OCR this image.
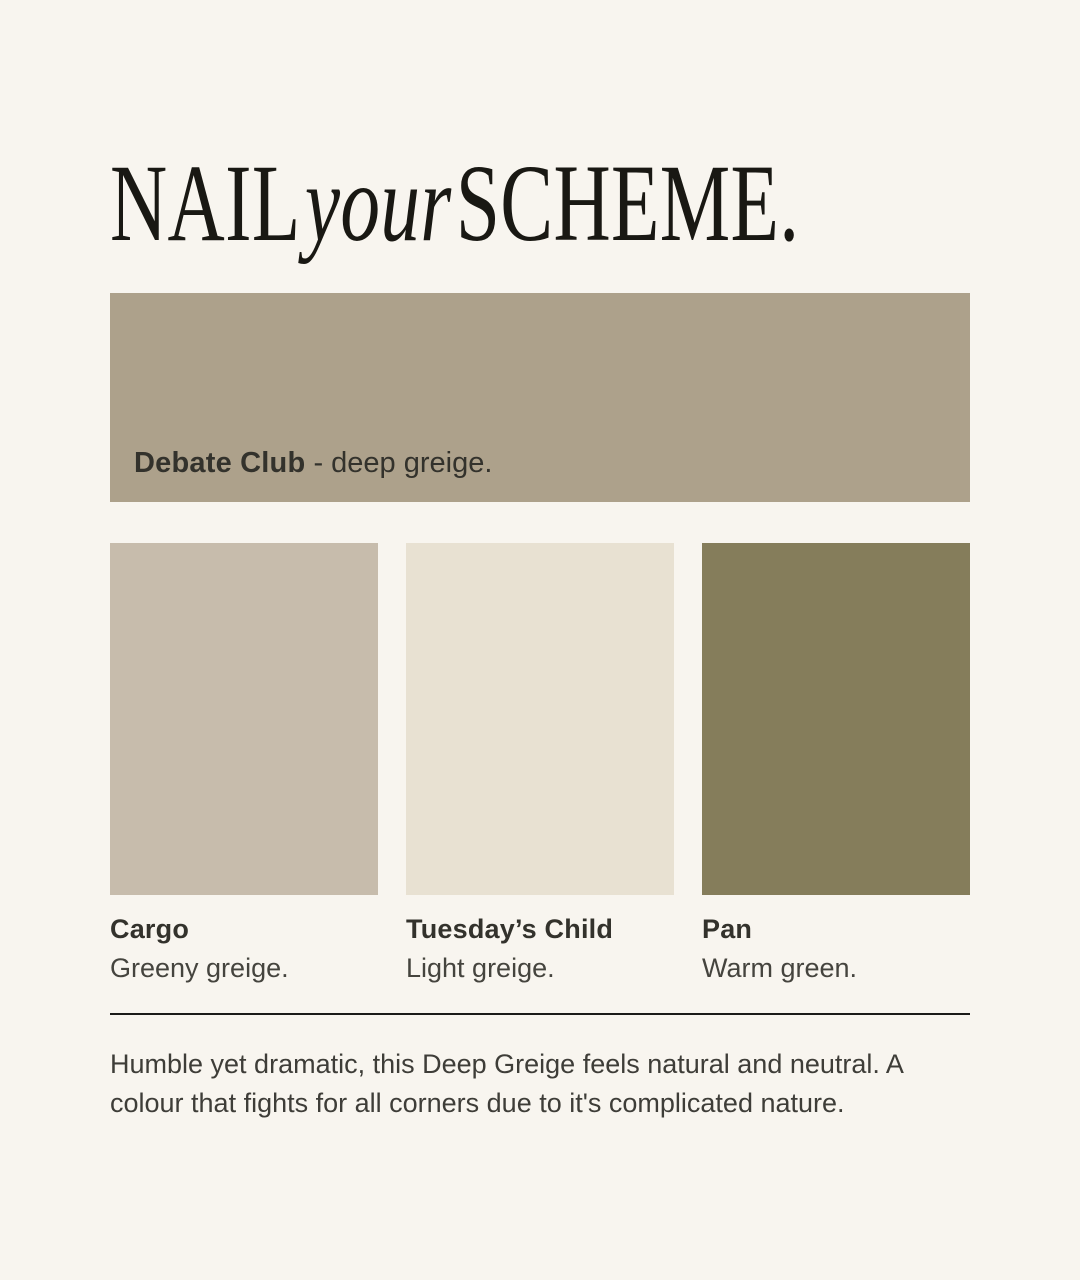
NAILyourSCHEME.
Debate Club - deep greige.
Cargo
Greeny greige.
Tuesday’s Child
Light greige.
Pan
Warm green.
Humble yet dramatic, this Deep Greige feels natural and neutral. A
colour that fights for all corners due to it's complicated nature.
